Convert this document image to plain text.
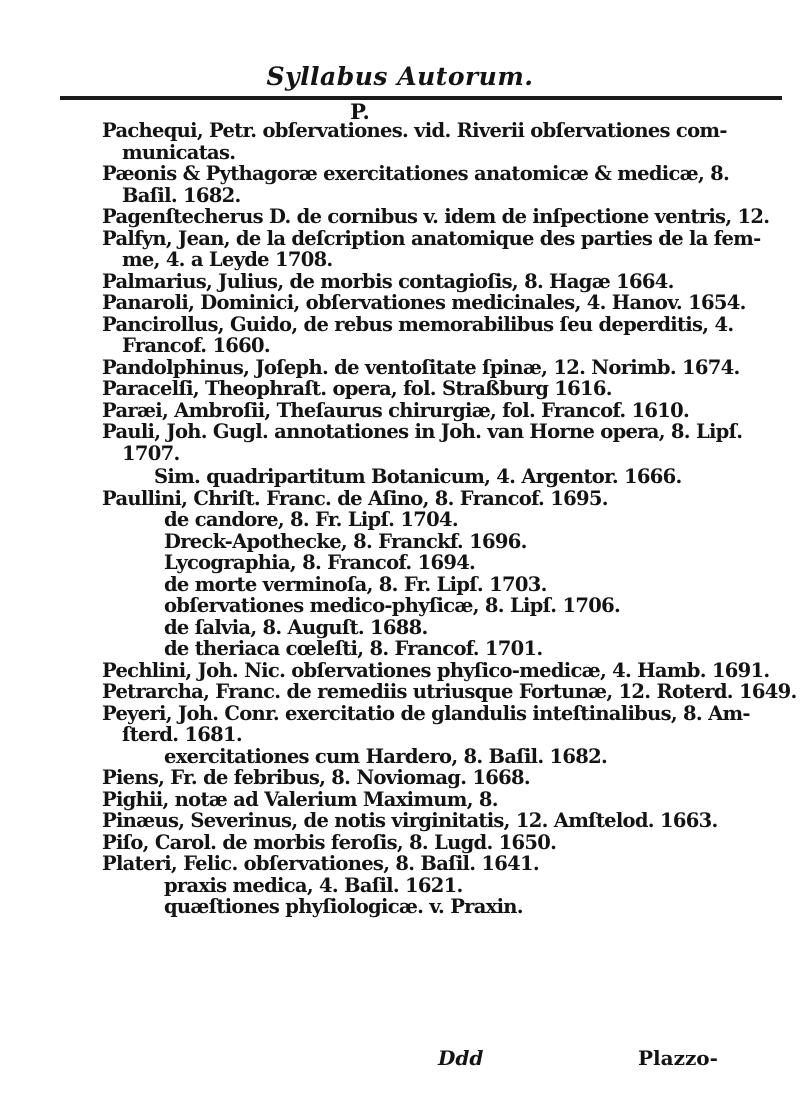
Syllabus Autorum.
P.
Pachequi, Petr. obſervationes. vid. Riverii obſervationes com-
municatas.
Pæonis & Pythagoræ exercitationes anatomicæ & medicæ, 8.
Baſil. 1682.
Pagenſtecherus D. de cornibus v. idem de inſpectione ventris, 12.
Palfyn, Jean, de la deſcription anatomique des parties de la fem-
me, 4. a Leyde 1708.
Palmarius, Julius, de morbis contagioſis, 8. Hagæ 1664.
Panaroli, Dominici, obſervationes medicinales, 4. Hanov. 1654.
Pancirollus, Guido, de rebus memorabilibus ſeu deperditis, 4.
Francof. 1660.
Pandolphinus, Joſeph. de ventoſitate ſpinæ, 12. Norimb. 1674.
Paracelſi, Theophraſt. opera, fol. Straßburg 1616.
Paræi, Ambroſii, Theſaurus chirurgiæ, fol. Francof. 1610.
Pauli, Joh. Gugl. annotationes in Joh. van Horne opera, 8. Lipſ.
1707.
Sim. quadripartitum Botanicum, 4. Argentor. 1666.
Paullini, Chriſt. Franc. de Aſino, 8. Francof. 1695.
de candore, 8. Fr. Lipſ. 1704.
Dreck-Apothecke, 8. Franckf. 1696.
Lycographia, 8. Francof. 1694.
de morte verminoſa, 8. Fr. Lipſ. 1703.
obſervationes medico-phyſicæ, 8. Lipſ. 1706.
de ſalvia, 8. Auguſt. 1688.
de theriaca cœleſti, 8. Francof. 1701.
Pechlini, Joh. Nic. obſervationes phyſico-medicæ, 4. Hamb. 1691.
Petrarcha, Franc. de remediis utriusque Fortunæ, 12. Roterd. 1649.
Peyeri, Joh. Conr. exercitatio de glandulis inteſtinalibus, 8. Am-
ſterd. 1681.
exercitationes cum Hardero, 8. Baſil. 1682.
Piens, Fr. de febribus, 8. Noviomag. 1668.
Pighii, notæ ad Valerium Maximum, 8.
Pinæus, Severinus, de notis virginitatis, 12. Amſtelod. 1663.
Piſo, Carol. de morbis feroſis, 8. Lugd. 1650.
Plateri, Felic. obſervationes, 8. Baſil. 1641.
praxis medica, 4. Baſil. 1621.
quæſtiones phyſiologicæ. v. Praxin.
Ddd	Plazzo-
